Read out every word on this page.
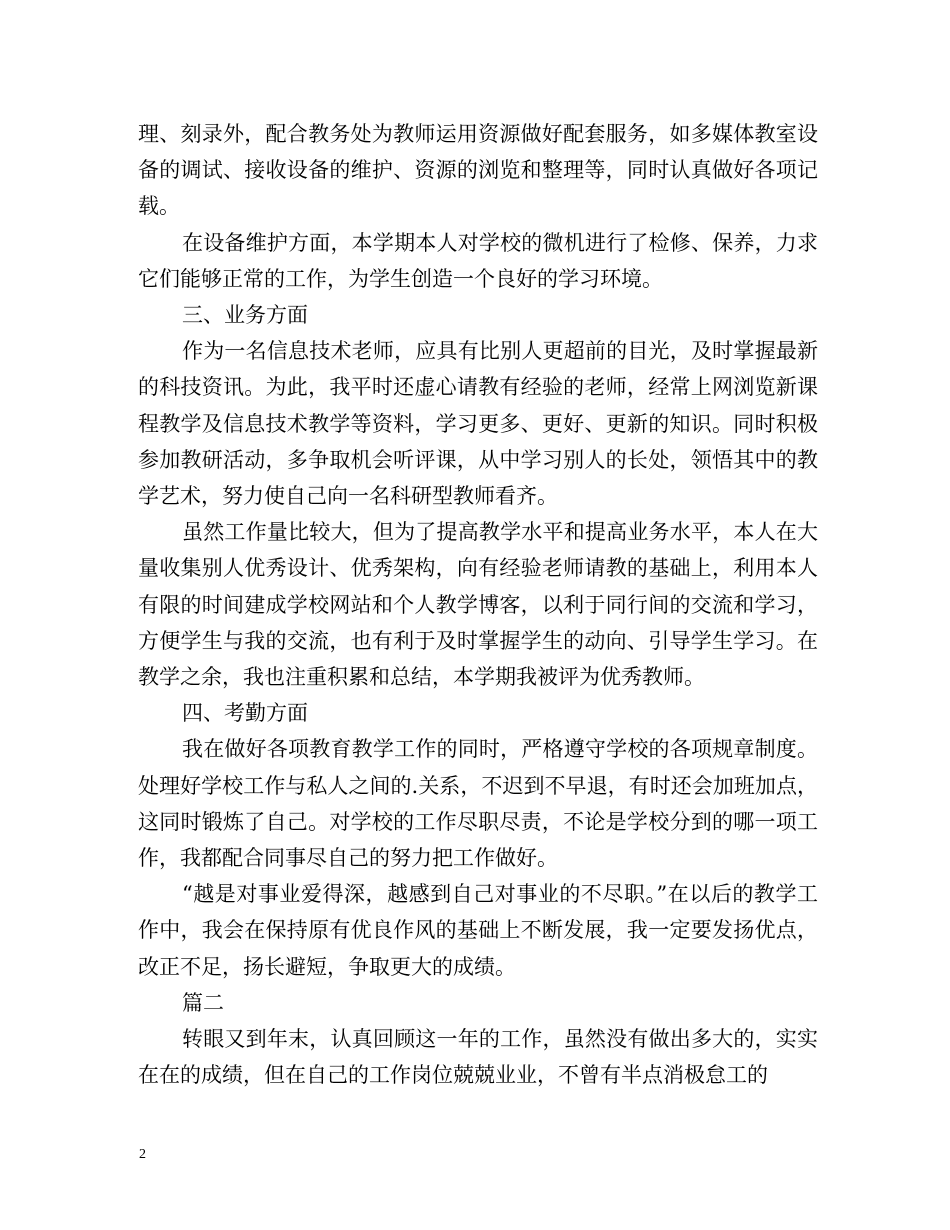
理、刻录外，配合教务处为教师运用资源做好配套服务，如多媒体教室设备的调试、接收设备的维护、资源的浏览和整理等，同时认真做好各项记载。

在设备维护方面，本学期本人对学校的微机进行了检修、保养，力求它们能够正常的工作，为学生创造一个良好的学习环境。

三、业务方面

作为一名信息技术老师，应具有比别人更超前的目光，及时掌握最新的科技资讯。为此，我平时还虚心请教有经验的老师，经常上网浏览新课程教学及信息技术教学等资料，学习更多、更好、更新的知识。同时积极参加教研活动，多争取机会听评课，从中学习别人的长处，领悟其中的教学艺术，努力使自己向一名科研型教师看齐。

虽然工作量比较大，但为了提高教学水平和提高业务水平，本人在大量收集别人优秀设计、优秀架构，向有经验老师请教的基础上，利用本人有限的时间建成学校网站和个人教学博客，以利于同行间的交流和学习，方便学生与我的交流，也有利于及时掌握学生的动向、引导学生学习。在教学之余，我也注重积累和总结，本学期我被评为优秀教师。

四、考勤方面

我在做好各项教育教学工作的同时，严格遵守学校的各项规章制度。处理好学校工作与私人之间的.关系，不迟到不早退，有时还会加班加点，这同时锻炼了自己。对学校的工作尽职尽责，不论是学校分到的哪一项工作，我都配合同事尽自己的努力把工作做好。

“越是对事业爱得深，越感到自己对事业的不尽职。”在以后的教学工作中，我会在保持原有优良作风的基础上不断发展，我一定要发扬优点，改正不足，扬长避短，争取更大的成绩。

篇二

转眼又到年末，认真回顾这一年的工作，虽然没有做出多大的，实实在在的成绩，但在自己的工作岗位兢兢业业，不曾有半点消极怠工的

2
